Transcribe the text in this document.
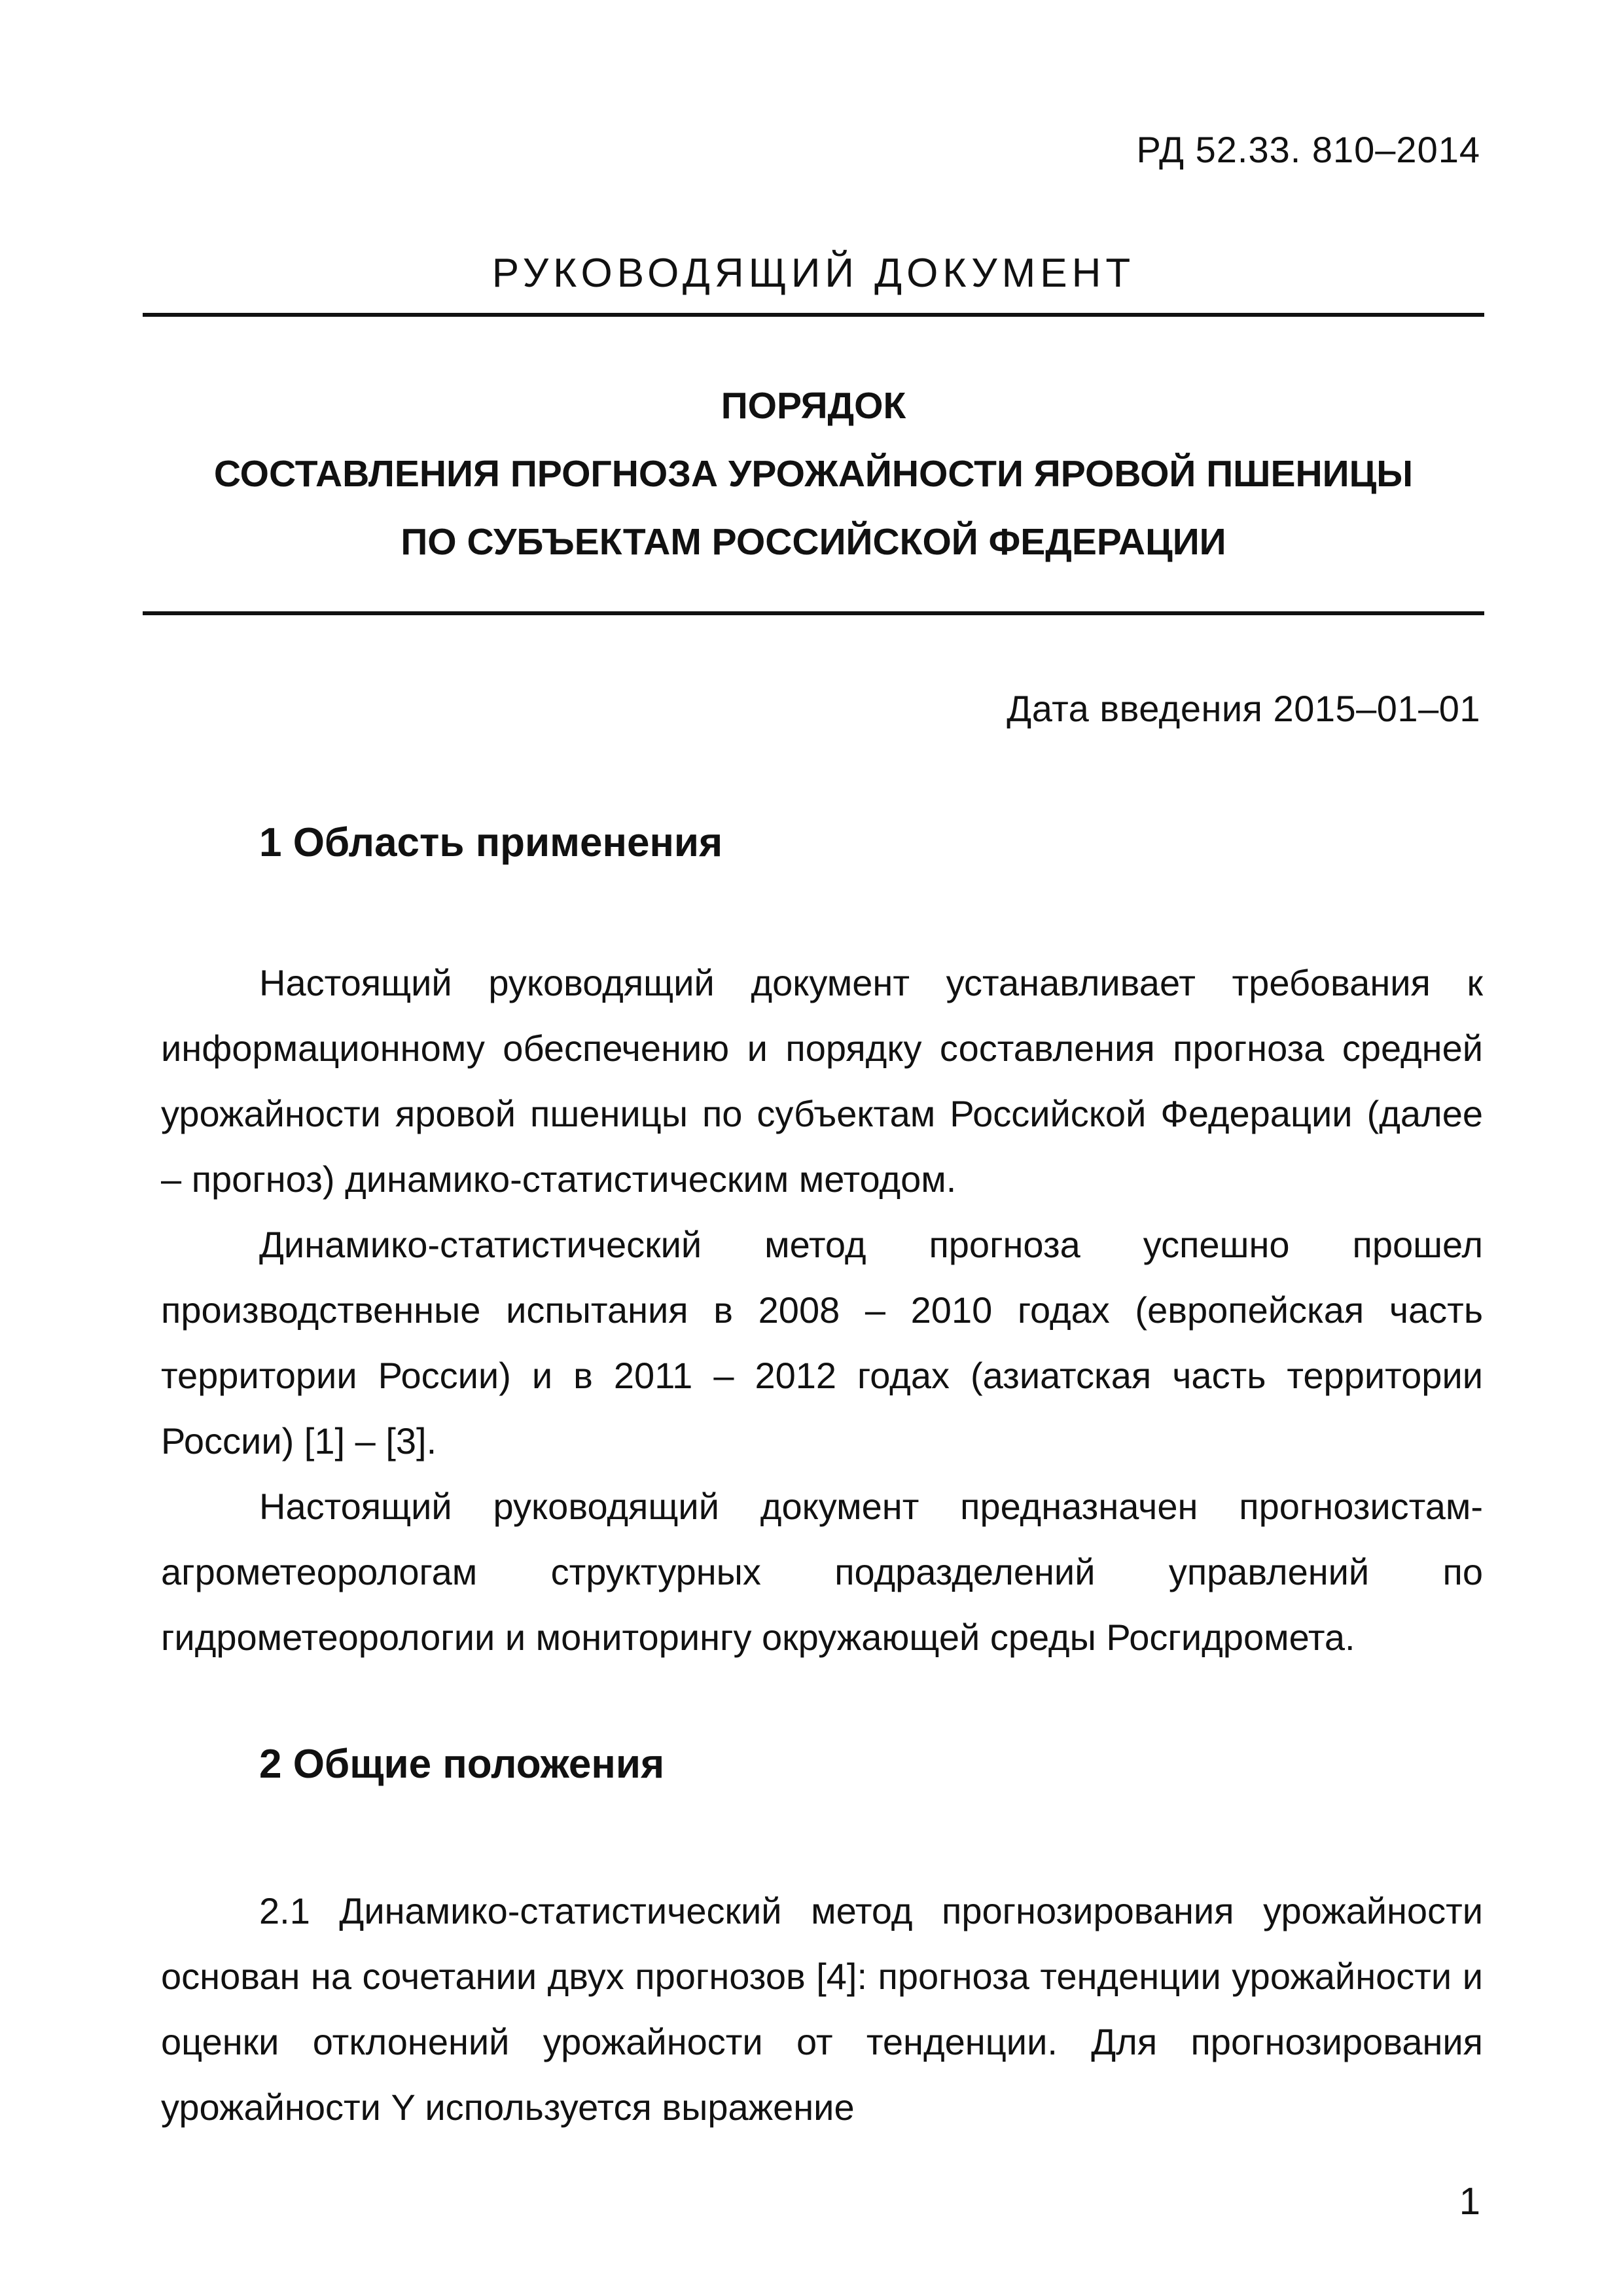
РД 52.33. 810–2014
РУКОВОДЯЩИЙ ДОКУМЕНТ
ПОРЯДОК
СОСТАВЛЕНИЯ ПРОГНОЗА УРОЖАЙНОСТИ ЯРОВОЙ ПШЕНИЦЫ
ПО СУБЪЕКТАМ РОССИЙСКОЙ ФЕДЕРАЦИИ
Дата введения 2015–01–01
1 Область применения

Настоящий руководящий документ устанавливает требования к информационному обеспечению и порядку составления прогноза средней урожайности яровой пшеницы по субъектам Российской Федерации (далее – прогноз) динамико-статистическим методом.

Динамико-статистический метод прогноза успешно прошел производственные испытания в 2008 – 2010 годах (европейская часть территории России) и в 2011 – 2012 годах (азиатская часть территории России) [1] – [3].

Настоящий руководящий документ предназначен прогнозистам-агрометеорологам структурных подразделений управлений по гидрометеорологии и мониторингу окружающей среды Росгидромета.

2 Общие положения

2.1 Динамико-статистический метод прогнозирования урожайности основан на сочетании двух прогнозов [4]: прогноза тенденции урожайности и оценки отклонений урожайности от тенденции. Для прогнозирования урожайности Y используется выражение

1
